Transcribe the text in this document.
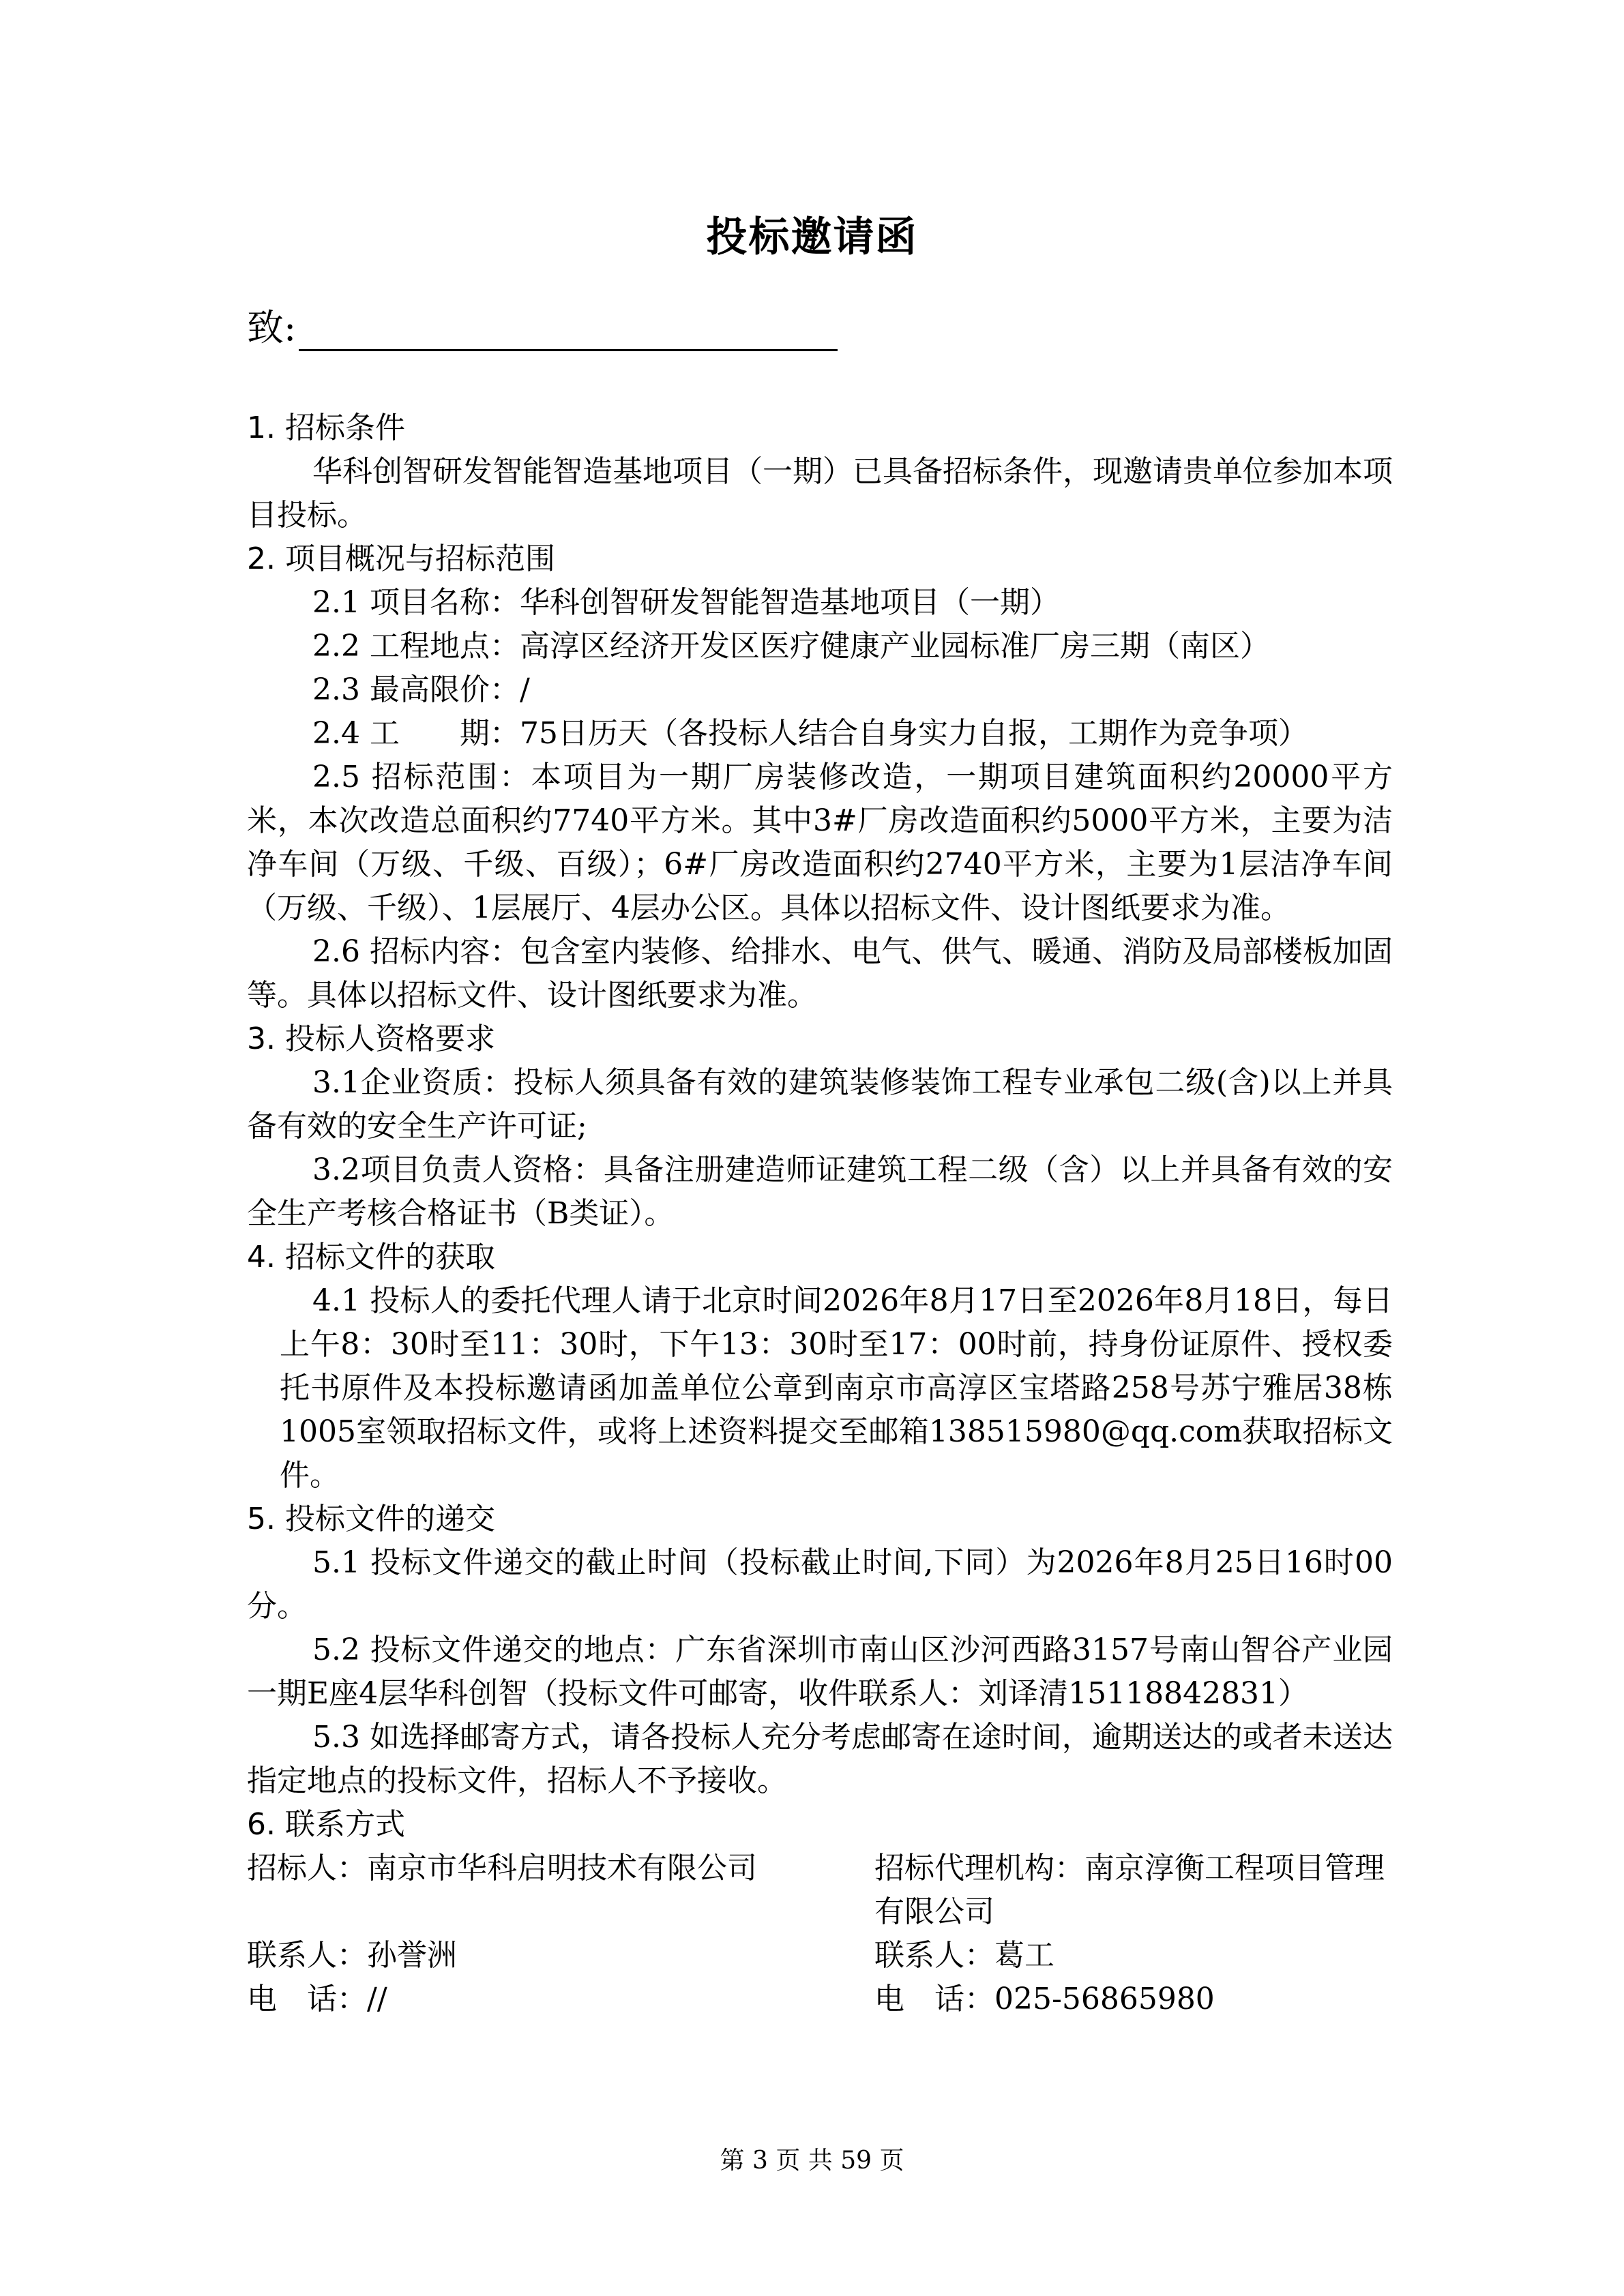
投标邀请函
致:
1. 招标条件
华科创智研发智能智造基地项目（一期）已具备招标条件，现邀请贵单位参加本项目投标。
2. 项目概况与招标范围
2.1 项目名称：华科创智研发智能智造基地项目（一期）
2.2 工程地点：高淳区经济开发区医疗健康产业园标准厂房三期（南区）
2.3 最高限价：/
2.4 工　　期：75日历天（各投标人结合自身实力自报，工期作为竞争项）
2.5 招标范围：本项目为一期厂房装修改造，一期项目建筑面积约20000平方米，本次改造总面积约7740平方米。其中3#厂房改造面积约5000平方米，主要为洁净车间（万级、千级、百级）；6#厂房改造面积约2740平方米，主要为1层洁净车间（万级、千级）、1层展厅、4层办公区。具体以招标文件、设计图纸要求为准。
2.6 招标内容：包含室内装修、给排水、电气、供气、暖通、消防及局部楼板加固等。具体以招标文件、设计图纸要求为准。
3. 投标人资格要求
3.1企业资质：投标人须具备有效的建筑装修装饰工程专业承包二级(含)以上并具备有效的安全生产许可证;
3.2项目负责人资格：具备注册建造师证建筑工程二级（含）以上并具备有效的安全生产考核合格证书（B类证）。
4. 招标文件的获取
4.1 投标人的委托代理人请于北京时间2026年8月17日至2026年8月18日，每日上午8：30时至11：30时，下午13：30时至17：00时前，持身份证原件、授权委托书原件及本投标邀请函加盖单位公章到南京市高淳区宝塔路258号苏宁雅居38栋1005室领取招标文件，或将上述资料提交至邮箱138515980@qq.com获取招标文件。
5. 投标文件的递交
5.1 投标文件递交的截止时间（投标截止时间,下同）为2026年8月25日16时00分。
5.2 投标文件递交的地点：广东省深圳市南山区沙河西路3157号南山智谷产业园一期E座4层华科创智（投标文件可邮寄，收件联系人：刘译清15118842831）
5.3 如选择邮寄方式，请各投标人充分考虑邮寄在途时间，逾期送达的或者未送达指定地点的投标文件，招标人不予接收。
6. 联系方式
招标人：南京市华科启明技术有限公司
联系人：孙誉洲
电　话：//
招标代理机构：南京淳衡工程项目管理有限公司
联系人：葛工
电　话：025-56865980
第 3 页 共 59 页
